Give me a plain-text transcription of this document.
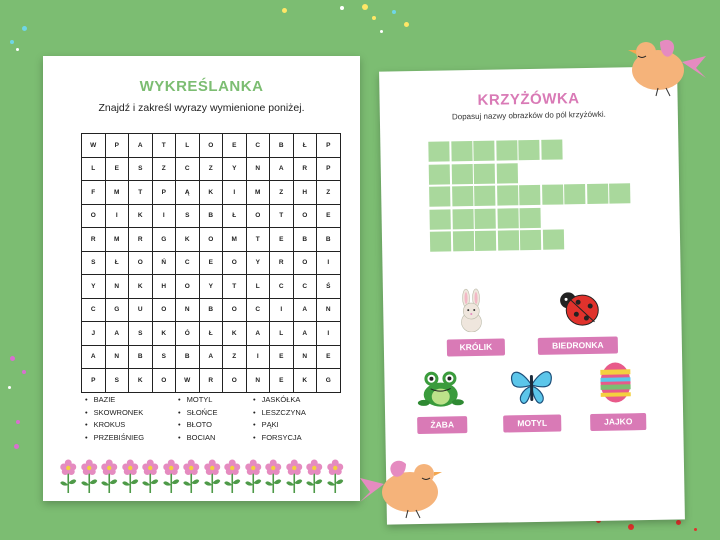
WYKREŚLANKA
Znajdź i zakreśl wyrazy wymienione poniżej.
W	P	A	T	L	O	E	C	B	Ł	P
L	E	S	Z	C	Z	Y	N	A	R	P
F	M	T	P	Ą	K	I	M	Z	H	Z
O	I	K	I	S	B	Ł	O	T	O	E
R	M	R	G	K	O	M	T	E	B	B
S	Ł	O	Ń	C	E	O	Y	R	O	I
Y	N	K	H	O	Y	T	L	C	C	Ś
C	G	U	O	N	B	O	C	I	A	N
J	A	S	K	Ó	Ł	K	A	L	A	I
A	N	B	S	B	A	Z	I	E	N	E
P	S	K	O	W	R	O	N	E	K	G
• BAZIE
• SKOWRONEK
• KROKUS
• PRZEBIŚNIEG
• MOTYL
• SŁOŃCE
• BŁOTO
• BOCIAN
• JASKÓŁKA
• LESZCZYNA
• PĄKI
• FORSYCJA
KRZYŻÓWKA
Dopasuj nazwy obrazków do pól krzyżówki.
KRÓLIK	BIEDRONKA
ŻABA	MOTYL	JAJKO
